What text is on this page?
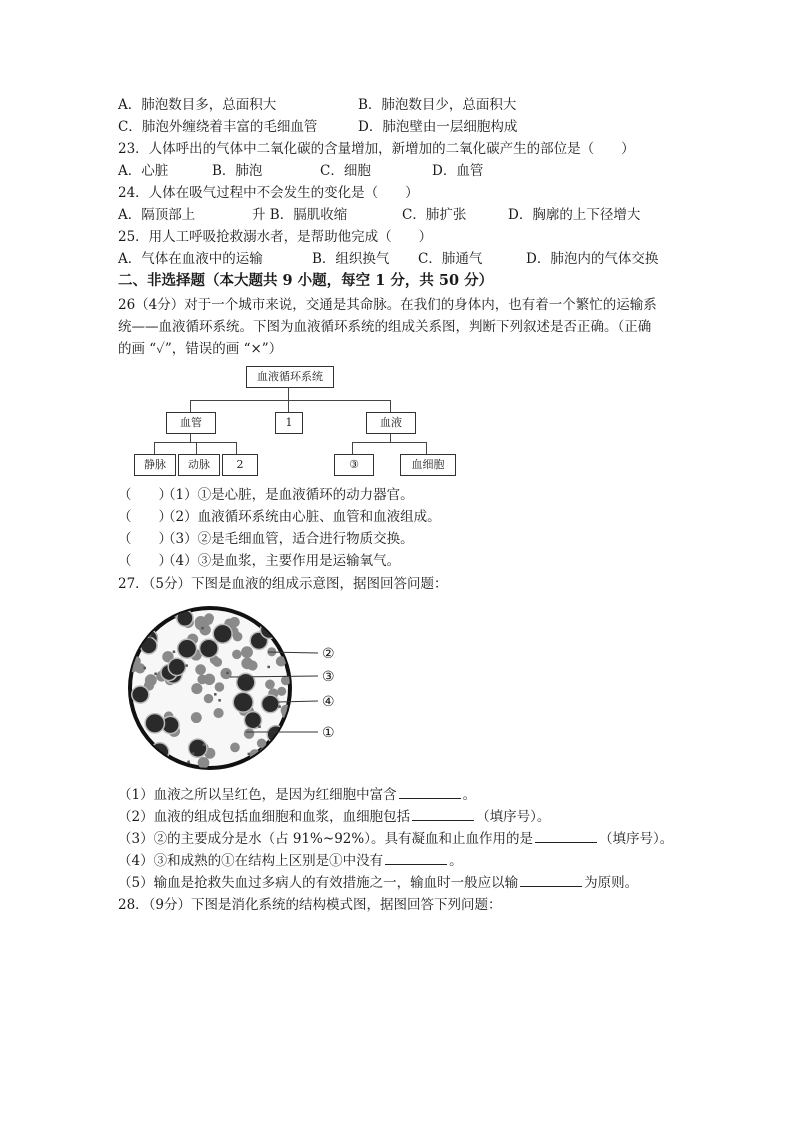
A．肺泡数目多，总面积大	B．肺泡数目少，总面积大
C．肺泡外缠绕着丰富的毛细血管	D．肺泡壁由一层细胞构成
23．人体呼出的气体中二氧化碳的含量增加，新增加的二氧化碳产生的部位是（　　）
A．心脏	B．肺泡	C．细胞	D．血管
24．人体在吸气过程中不会发生的变化是（　　）
A．隔顶部上	升 B．膈肌收缩	C．肺扩张	D．胸廓的上下径增大
25．用人工呼吸抢救溺水者，是帮助他完成（　　）
A．气体在血液中的运输	B．组织换气 C．肺通气	D．肺泡内的气体交换
二、非选择题（本大题共 9 小题，每空 1 分，共 50 分）
26（4分）对于一个城市来说，交通是其命脉。在我们的身体内，也有着一个繁忙的运输系
统——血液循环系统。下图为血液循环系统的组成关系图，判断下列叙述是否正确。（正确
的画 “✓”，错误的画 “×”）
血液循环系统
血管	1	血液
静脉	动脉	2	③	血细胞
（　　）（1）①是心脏，是血液循环的动力器官。
（　　）（2）血液循环系统由心脏、血管和血液组成。
（　　）（3）②是毛细血管，适合进行物质交换。
（　　）（4）③是血浆，主要作用是运输氧气。
27．（5分）下图是血液的组成示意图，据图回答问题：
②
③
④
①
（1）血液之所以呈红色，是因为红细胞中富含	。
（2）血液的组成包括血细胞和血浆，血细胞包括	（填序号）。
（3）②的主要成分是水（占 91%~92%）。具有凝血和止血作用的是	（填序号）。
（4）③和成熟的①在结构上区别是①中没有	。
（5）输血是抢救失血过多病人的有效措施之一，输血时一般应以输	为原则。
28．（9分）下图是消化系统的结构模式图，据图回答下列问题：
